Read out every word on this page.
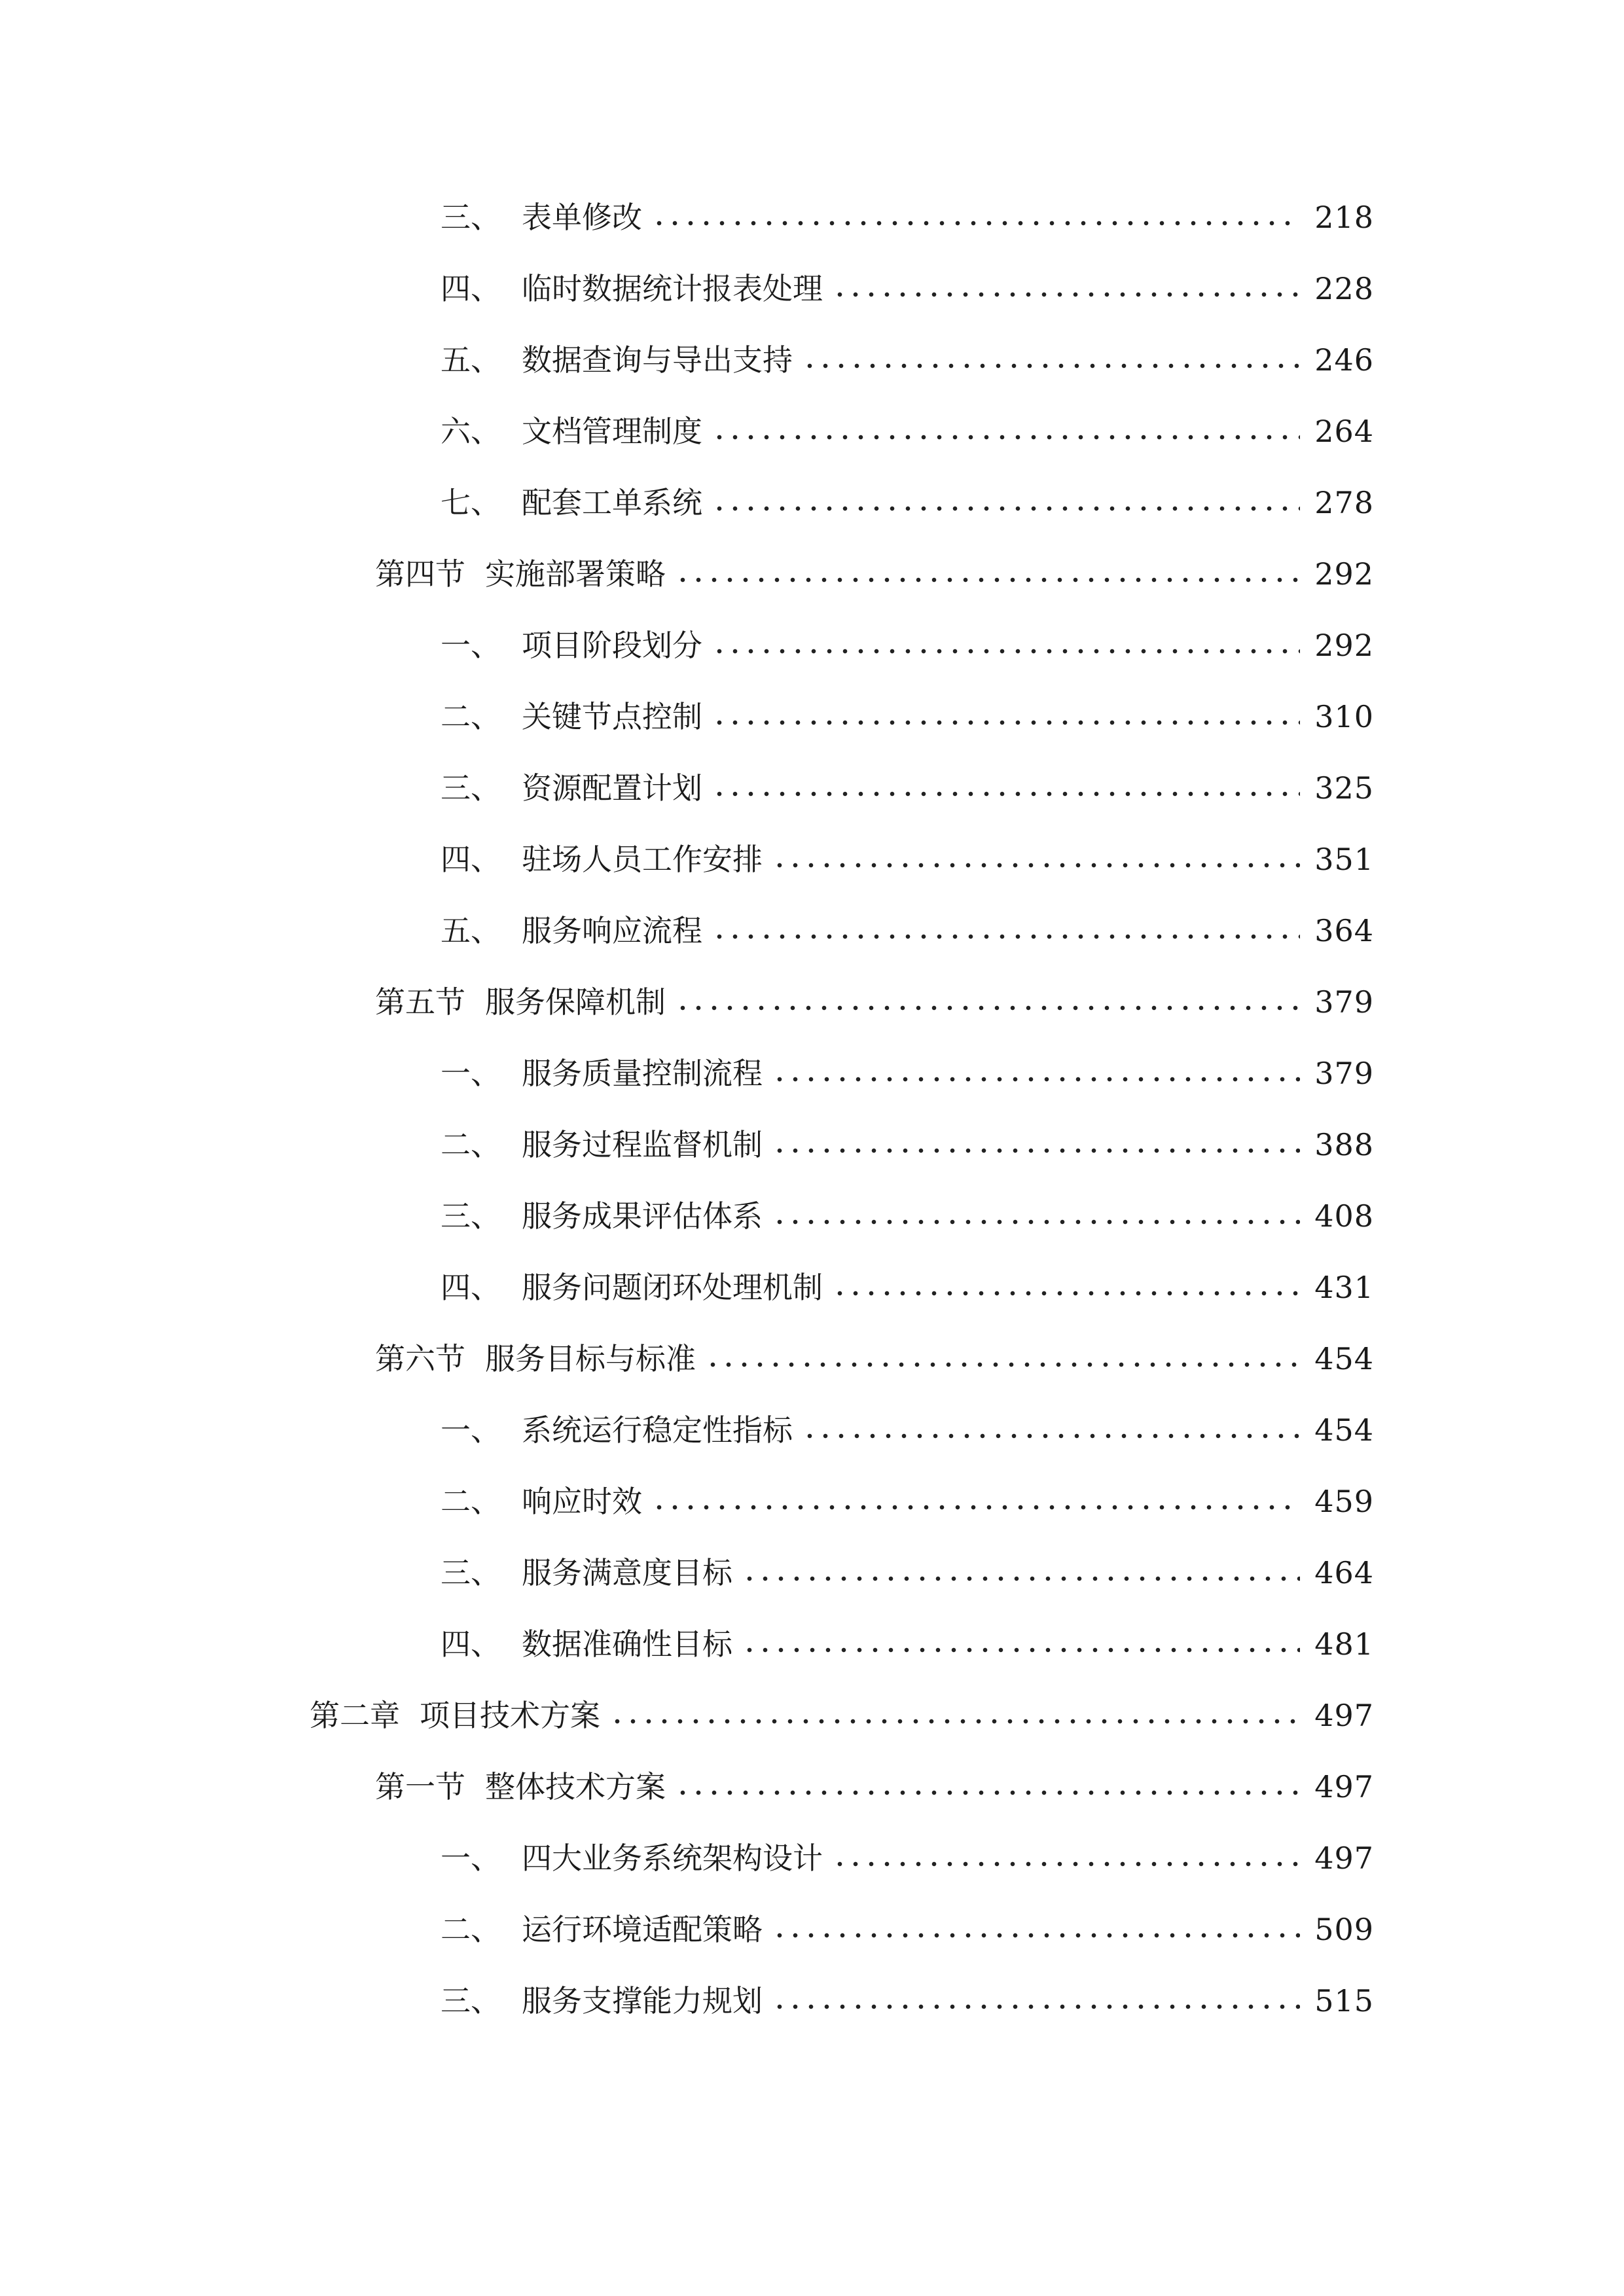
三、 表单修改	218
四、 临时数据统计报表处理	228
五、 数据查询与导出支持	246
六、 文档管理制度	264
七、 配套工单系统	278
第四节 实施部署策略	292
一、 项目阶段划分	292
二、 关键节点控制	310
三、 资源配置计划	325
四、 驻场人员工作安排	351
五、 服务响应流程	364
第五节 服务保障机制	379
一、 服务质量控制流程	379
二、 服务过程监督机制	388
三、 服务成果评估体系	408
四、 服务问题闭环处理机制	431
第六节 服务目标与标准	454
一、 系统运行稳定性指标	454
二、 响应时效	459
三、 服务满意度目标	464
四、 数据准确性目标	481
第二章 项目技术方案	497
第一节 整体技术方案	497
一、 四大业务系统架构设计	497
二、 运行环境适配策略	509
三、 服务支撑能力规划	515
